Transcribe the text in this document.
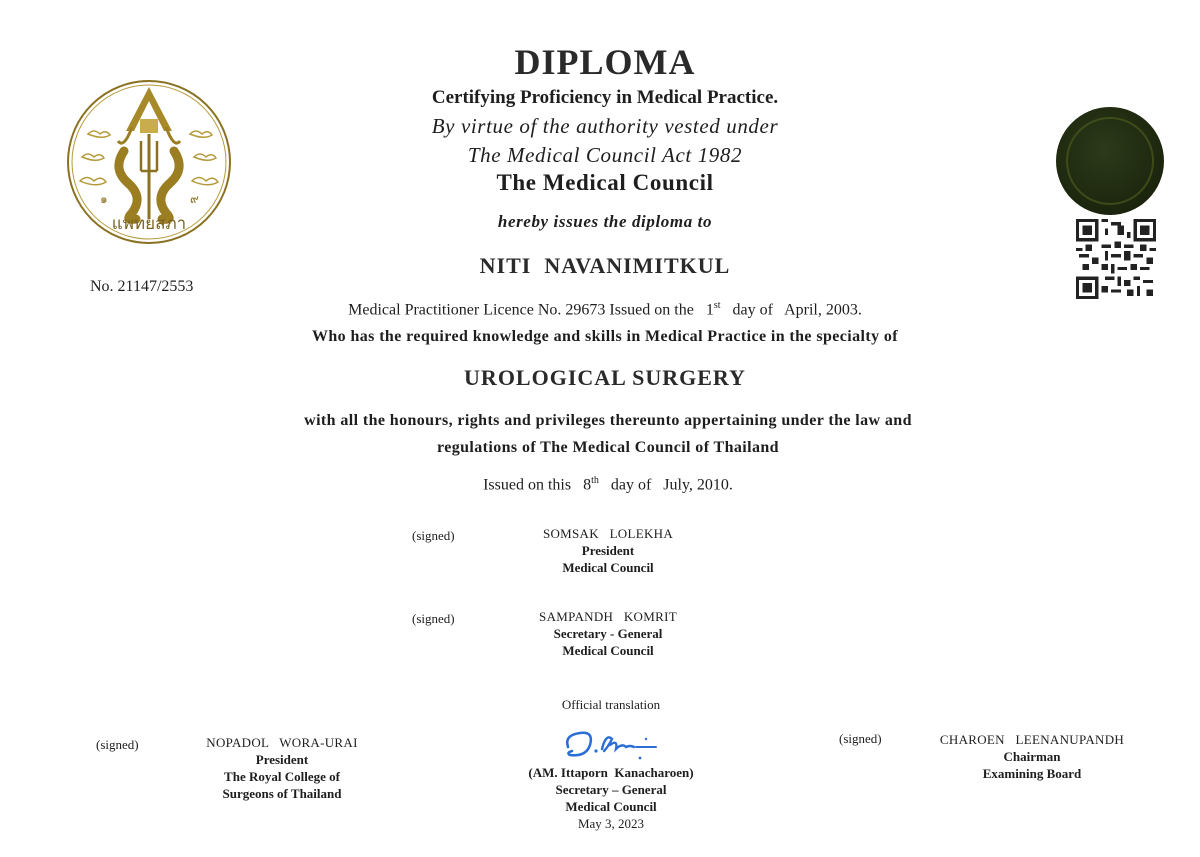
๑	๙
แพทยสภา
No. 21147/2553
DIPLOMA
Certifying Proficiency in Medical Practice.
By virtue of the authority vested under
The Medical Council Act 1982
The Medical Council
hereby issues the diploma to
NITI  NAVANIMITKUL
Medical Practitioner Licence No. 29673 Issued on the 1st day of April, 2003.
Who has the required knowledge and skills in Medical Practice in the specialty of
UROLOGICAL SURGERY
with all the honours, rights and privileges thereunto appertaining under the law and
regulations of The Medical Council of Thailand
Issued on this 8th day of July, 2010.
(signed)	SOMSAK   LOLEKHA
President
Medical Council
(signed)	SAMPANDH   KOMRIT
Secretary - General
Medical Council
Official translation
(AM. Ittaporn  Kanacharoen)
Secretary – General
Medical Council
May 3, 2023
(signed)	NOPADOL   WORA-URAI
President
The Royal College of
Surgeons of Thailand
(signed)	CHAROEN   LEENANUPANDH
Chairman
Examining Board
